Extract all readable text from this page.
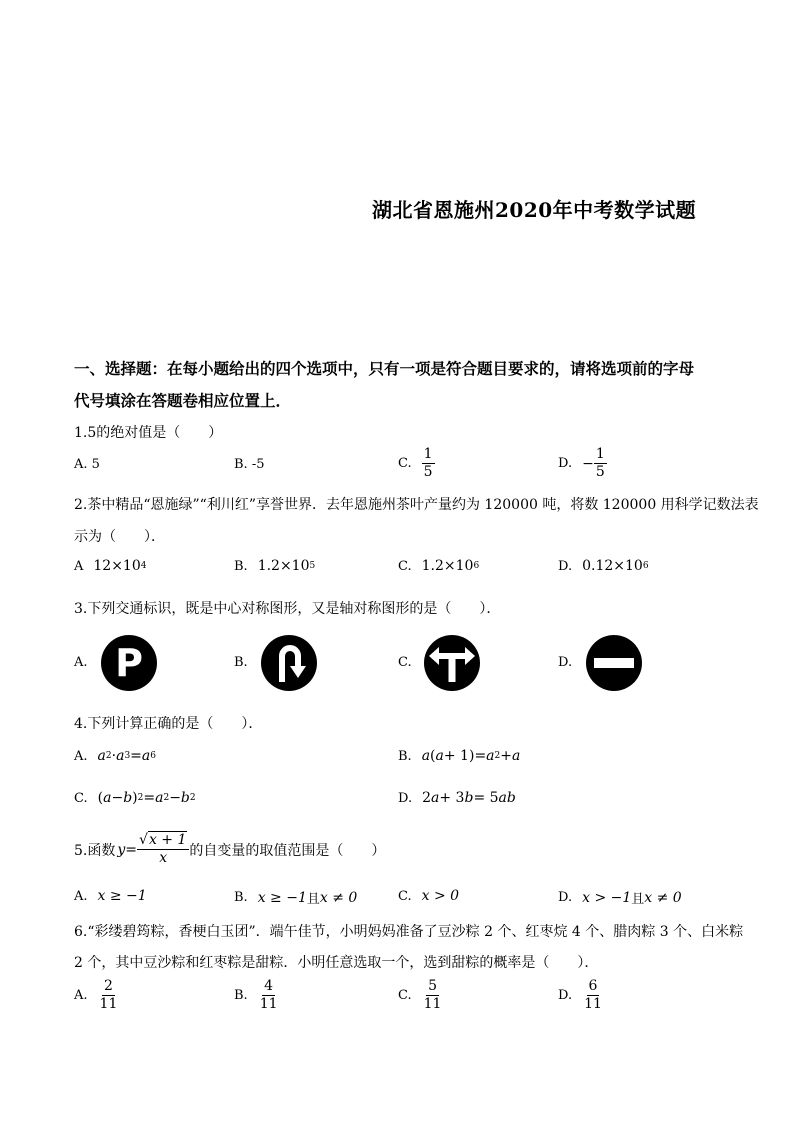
湖北省恩施州2020年中考数学试题
一、选择题：在每小题给出的四个选项中，只有一项是符合题目要求的，请将选项前的字母
代号填涂在答题卷相应位置上．
1.5的绝对值是（　　）
A. 5	B. -5	C. $\frac{1}{5}$	D. − $\frac{1}{5}$
2.茶中精品“恩施绿”“利川红”享誉世界．去年恩施州茶叶产量约为 120000 吨，将数 120000 用科学记数法表
示为（　　）．
A 12×10 4	B. 1.2×10 5	C. 1.2×10 6	D. 0.12×10 6
3.下列交通标识，既是中心对称图形，又是轴对称图形的是（　　）．
A. P	B.	C.	D.
4.下列计算正确的是（　　）．
A. a 2 · a 3 = a 6	B. a ( a + 1 ) = a 2 + a
C. ( a − b ) 2 = a 2 − b 2	D. 2 a + 3 b = 5 ab
5.函数 $y = \frac{√x + 1}{x}$ 的自变量的取值范围是（　　）
A. x ≥ −1	B. x ≥ −1 且 x ≠ 0	C. x > 0	D. x > −1 且 x ≠ 0
6.“彩缕碧筠粽，香梗白玉团”．端午佳节，小明妈妈准备了豆沙粽 2 个、红枣烷 4 个、腊肉粽 3 个、白米粽
2 个，其中豆沙粽和红枣粽是甜粽．小明任意选取一个，选到甜粽的概率是（　　）．
A. $\frac{2}{11}$	B. $\frac{4}{11}$	C. $\frac{5}{11}$	D. $\frac{6}{11}$
